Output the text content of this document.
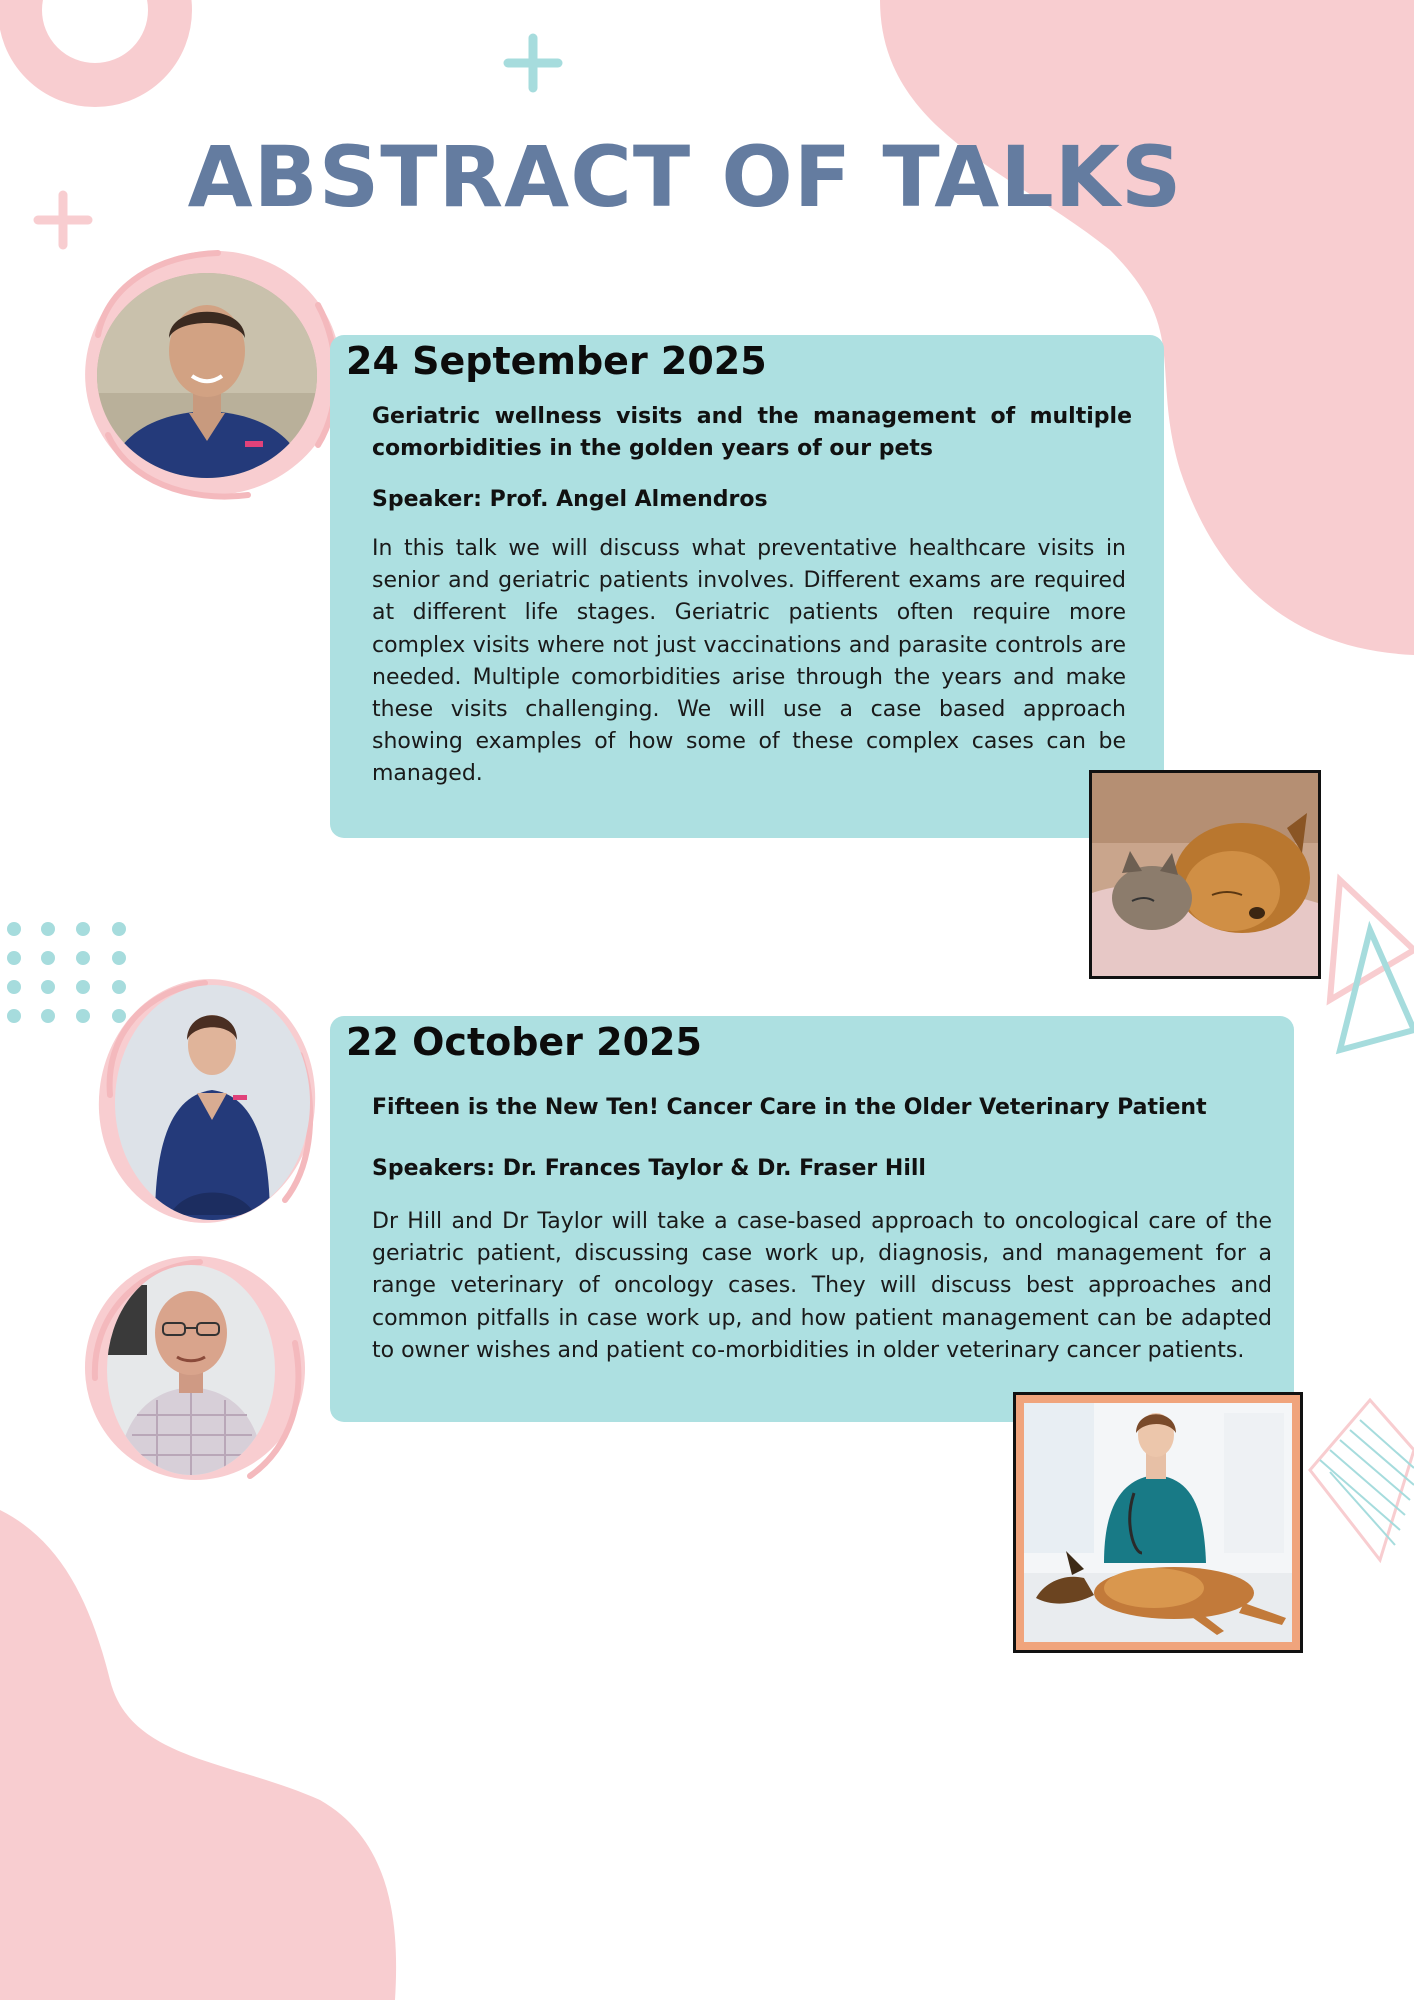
ABSTRACT OF TALKS
24 September 2025
Geriatric wellness visits and the management of multiple comorbidities in the golden years of our pets
Speaker: Prof. Angel Almendros
In this talk we will discuss what preventative healthcare visits in senior and geriatric patients involves. Different exams are required at different life stages. Geriatric patients often require more complex visits where not just vaccinations and parasite controls are needed. Multiple comorbidities arise through the years and make these visits challenging. We will use a case based approach showing examples of how some of these complex cases can be managed.
22 October 2025
Fifteen is the New Ten! Cancer Care in the Older Veterinary Patient
Speakers: Dr. Frances Taylor & Dr. Fraser Hill
Dr Hill and Dr Taylor will take a case-based approach to oncological care of the geriatric patient, discussing case work up, diagnosis, and management for a range veterinary of oncology cases. They will discuss best approaches and common pitfalls in case work up, and how patient management can be adapted to owner wishes and patient co-morbidities in older veterinary cancer patients.
